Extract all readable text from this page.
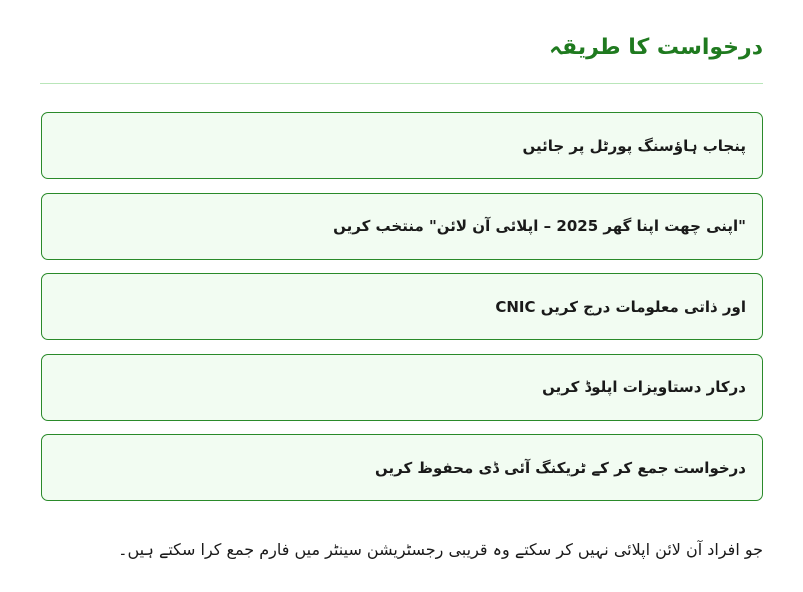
درخواست کا طریقہ
پنجاب ہاؤسنگ پورٹل پر جائیں
"اپنی چھت اپنا گھر 2025 – اپلائی آن لائن" منتخب کریں
CNIC اور ذاتی معلومات درج کریں
درکار دستاویزات اپلوڈ کریں
درخواست جمع کر کے ٹریکنگ آئی ڈی محفوظ کریں

جو افراد آن لائن اپلائی نہیں کر سکتے وہ قریبی رجسٹریشن سینٹر میں فارم جمع کرا سکتے ہیں۔
